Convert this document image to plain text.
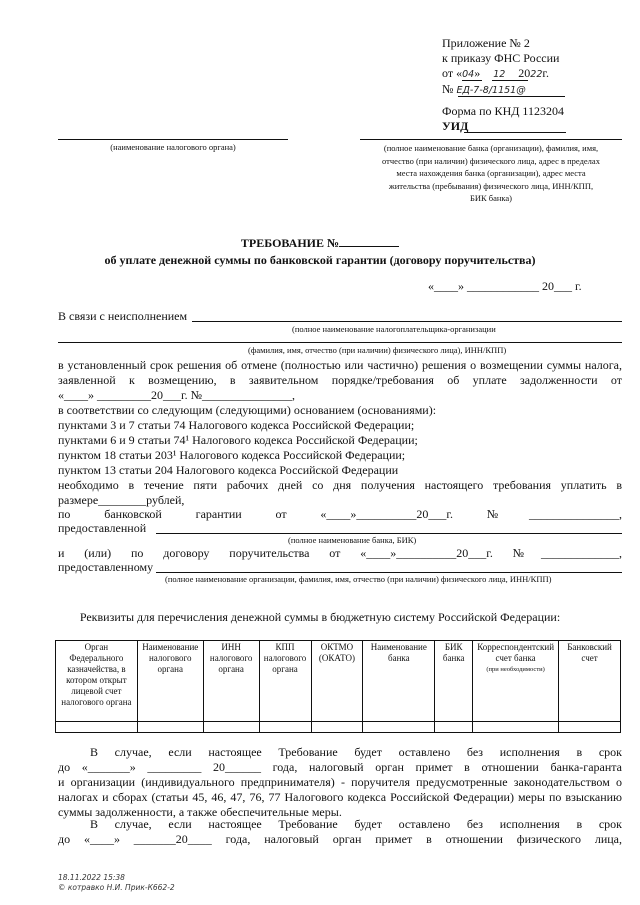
Приложение № 2
к приказу ФНС России
от «04» 12 2022г.
№ ЕД-7-8/1151@
Форма по КНД 1123204
УИД
(наименование налогового органа)	(полное наименование банка (организации), фамилия, имя,
отчество (при наличии) физического лица, адрес в пределах
места нахождения банка (организации), адрес места
жительства (пребывания) физического лица, ИНН/КПП,
БИК банка)
ТРЕБОВАНИЕ №
об уплате денежной суммы по банковской гарантии (договору поручительства)
«____» ____________ 20___ г.
В связи с неисполнением
(полное наименование налогоплательщика-организации
(фамилия, имя, отчество (при наличии) физического лица), ИНН/КПП)
в установленный срок решения об отмене (полностью или частично) решения о возмещении суммы налога,
заявленной к возмещению, в заявительном порядке/требования об уплате задолженности от
«____» _________20___г. №_______________,
в соответствии со следующим (следующими) основанием (основаниями):
пунктами 3 и 7 статьи 74 Налогового кодекса Российской Федерации;
пунктами 6 и 9 статьи 74¹ Налогового кодекса Российской Федерации;
пунктом 18 статьи 203¹ Налогового кодекса Российской Федерации;
пунктом 13 статьи 204 Налогового кодекса Российской Федерации
необходимо в течение пяти рабочих дней со дня получения настоящего требования уплатить в
размере________рублей,
по банковской гарантии от «____»__________20___г. №_______________,
предоставленной
(полное наименование банка, БИК)
и (или) по договору поручительства от «____»__________20___г. №_____________,
предоставленному
(полное наименование организации, фамилия, имя, отчество (при наличии) физического лица, ИНН/КПП)
Реквизиты для перечисления денежной суммы в бюджетную систему Российской Федерации:
Орган Федерального казначейства, в котором открыт лицевой счет налогового органа	Наименование налогового органа	ИНН налогового органа	КПП налогового органа	ОКТМО (ОКАТО)	Наименование банка	БИК банка	Корреспондентский счет банка
(при необходимости)	Банковский счет

В случае, если настоящее Требование будет оставлено без исполнения в срок
до «_______» _________ 20______ года, налоговый орган примет в отношении банка-гаранта
и организации (индивидуального предпринимателя) - поручителя предусмотренные законодательством о
налогах и сборах (статьи 45, 46, 47, 76, 77 Налогового кодекса Российской Федерации) меры по взысканию
суммы задолженности, а также обеспечительные меры.
В случае, если настоящее Требование будет оставлено без исполнения в срок
до «____» _______20____ года, налоговый орган примет в отношении физического лица,
18.11.2022 15:38
© котравко Н.И. Прик-К662-2
